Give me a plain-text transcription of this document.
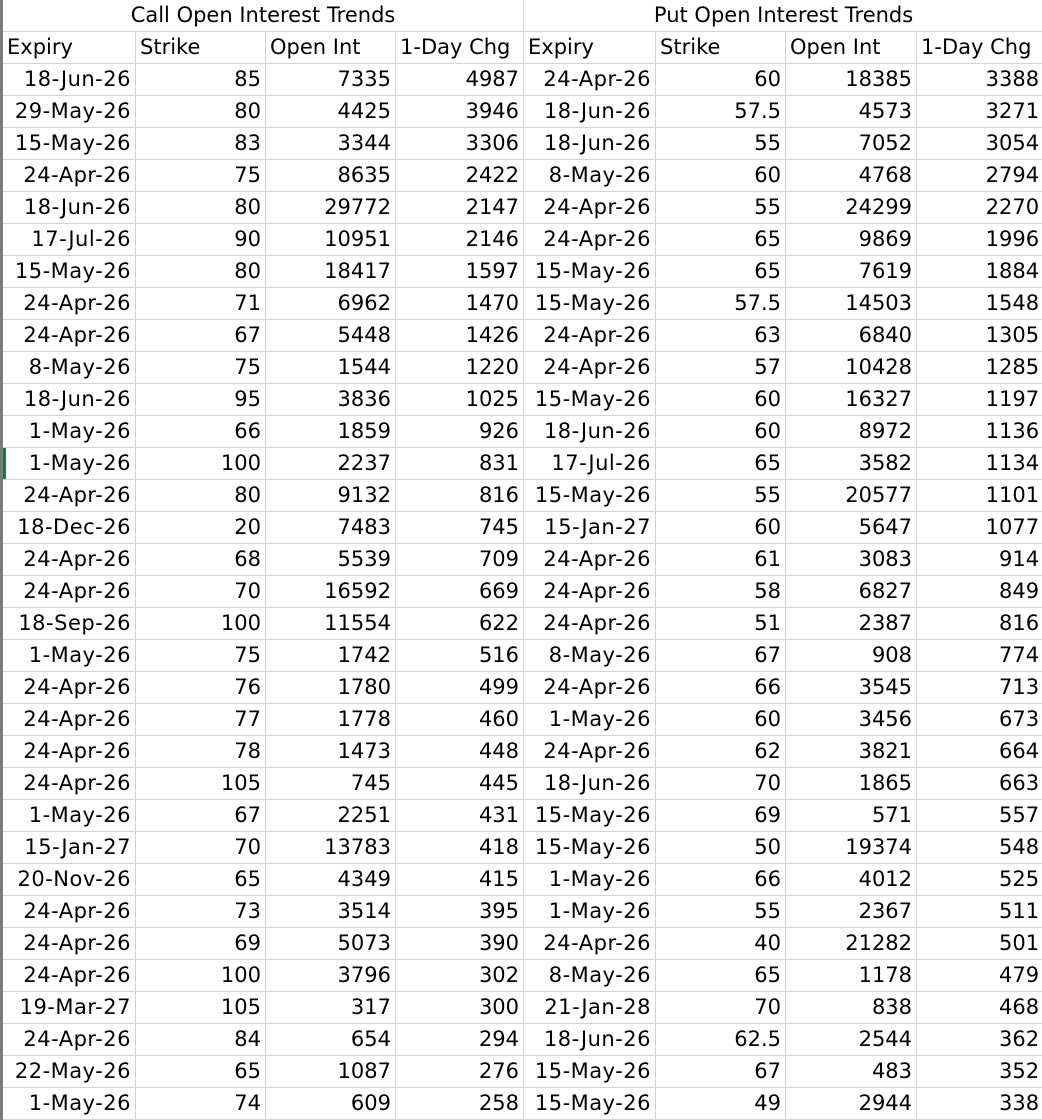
Call Open Interest Trends				Put Open Interest Trends			
Expiry	Strike	Open Int	1-Day Chg	Expiry	Strike	Open Int	1-Day Chg
18-Jun-26	85	7335	4987	24-Apr-26	60	18385	3388
29-May-26	80	4425	3946	18-Jun-26	57.5	4573	3271
15-May-26	83	3344	3306	18-Jun-26	55	7052	3054
24-Apr-26	75	8635	2422	8-May-26	60	4768	2794
18-Jun-26	80	29772	2147	24-Apr-26	55	24299	2270
17-Jul-26	90	10951	2146	24-Apr-26	65	9869	1996
15-May-26	80	18417	1597	15-May-26	65	7619	1884
24-Apr-26	71	6962	1470	15-May-26	57.5	14503	1548
24-Apr-26	67	5448	1426	24-Apr-26	63	6840	1305
8-May-26	75	1544	1220	24-Apr-26	57	10428	1285
18-Jun-26	95	3836	1025	15-May-26	60	16327	1197
1-May-26	66	1859	926	18-Jun-26	60	8972	1136
1-May-26	100	2237	831	17-Jul-26	65	3582	1134
24-Apr-26	80	9132	816	15-May-26	55	20577	1101
18-Dec-26	20	7483	745	15-Jan-27	60	5647	1077
24-Apr-26	68	5539	709	24-Apr-26	61	3083	914
24-Apr-26	70	16592	669	24-Apr-26	58	6827	849
18-Sep-26	100	11554	622	24-Apr-26	51	2387	816
1-May-26	75	1742	516	8-May-26	67	908	774
24-Apr-26	76	1780	499	24-Apr-26	66	3545	713
24-Apr-26	77	1778	460	1-May-26	60	3456	673
24-Apr-26	78	1473	448	24-Apr-26	62	3821	664
24-Apr-26	105	745	445	18-Jun-26	70	1865	663
1-May-26	67	2251	431	15-May-26	69	571	557
15-Jan-27	70	13783	418	15-May-26	50	19374	548
20-Nov-26	65	4349	415	1-May-26	66	4012	525
24-Apr-26	73	3514	395	1-May-26	55	2367	511
24-Apr-26	69	5073	390	24-Apr-26	40	21282	501
24-Apr-26	100	3796	302	8-May-26	65	1178	479
19-Mar-27	105	317	300	21-Jan-28	70	838	468
24-Apr-26	84	654	294	18-Jun-26	62.5	2544	362
22-May-26	65	1087	276	15-May-26	67	483	352
1-May-26	74	609	258	15-May-26	49	2944	338
